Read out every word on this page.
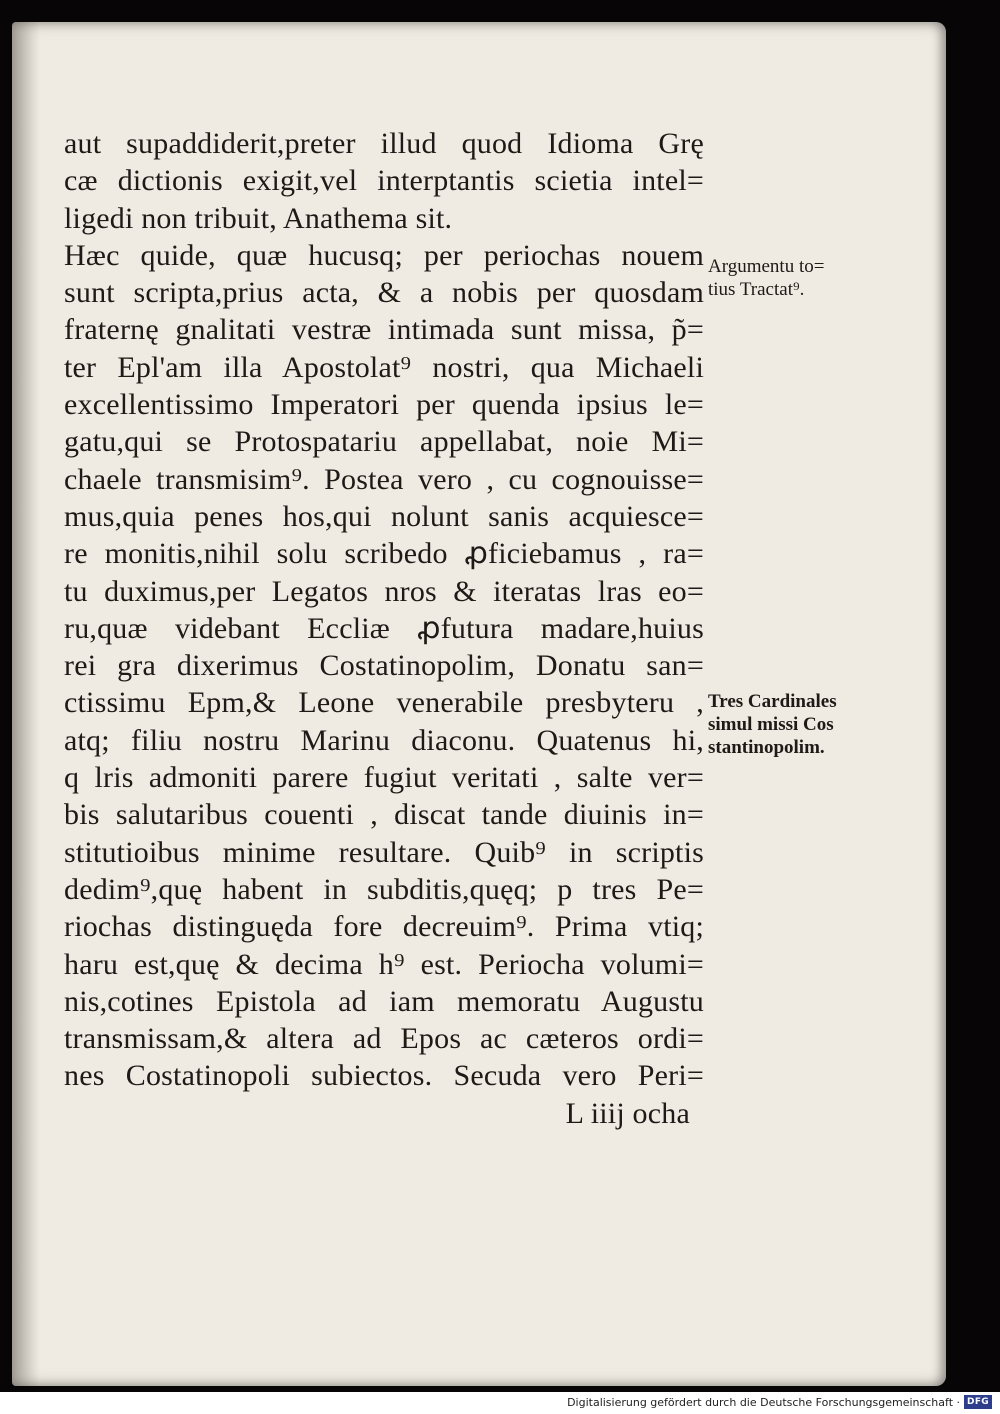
aut supaddiderit,preter illud quod Idioma Grę
cæ dictionis exigit,vel interptantis scietia intel=
ligedi non tribuit, Anathema sit.
Hæc quide, quæ hucusq; per periochas nouem
sunt scripta,prius acta, & a nobis per quosdam
fraternę gnalitati vestræ intimada sunt missa, p̃=
ter Epl'am illa Apostolat⁹ nostri, qua Michaeli
excellentissimo Imperatori per quenda ipsius le=
gatu,qui se Protospatariu appellabat, noie Mi=
chaele transmisim⁹. Postea vero , cu cognouisse=
mus,quia penes hos,qui nolunt sanis acquiesce=
re monitis,nihil solu scribedo ꝓficiebamus , ra=
tu duximus,per Legatos nros & iteratas lras eo=
ru,quæ videbant Eccliæ ꝓfutura madare,huius
rei gra dixerimus Costatinopolim, Donatu san=
ctissimu Epm,& Leone venerabile presbyteru ,
atq; filiu nostru Marinu diaconu. Quatenus hi,
q lris admoniti parere fugiut veritati , salte ver=
bis salutaribus couenti , discat tande diuinis in=
stitutioibus minime resultare. Quib⁹ in scriptis
dedim⁹,quę habent in subditis,quęq; p tres Pe=
riochas distinguęda fore decreuim⁹. Prima vtiq;
haru est,quę & decima h⁹ est. Periocha volumi=
nis,cotines Epistola ad iam memoratu Augustu
transmissam,& altera ad Epos ac cæteros ordi=
nes Costatinopoli subiectos. Secuda vero Peri=
L iiij ocha
Argumentu to=
tius Tractat⁹.
Tres Cardinales
simul missi Cos
stantinopolim.
Digitalisierung gefördert durch die Deutsche Forschungsgemeinschaft · DFG
